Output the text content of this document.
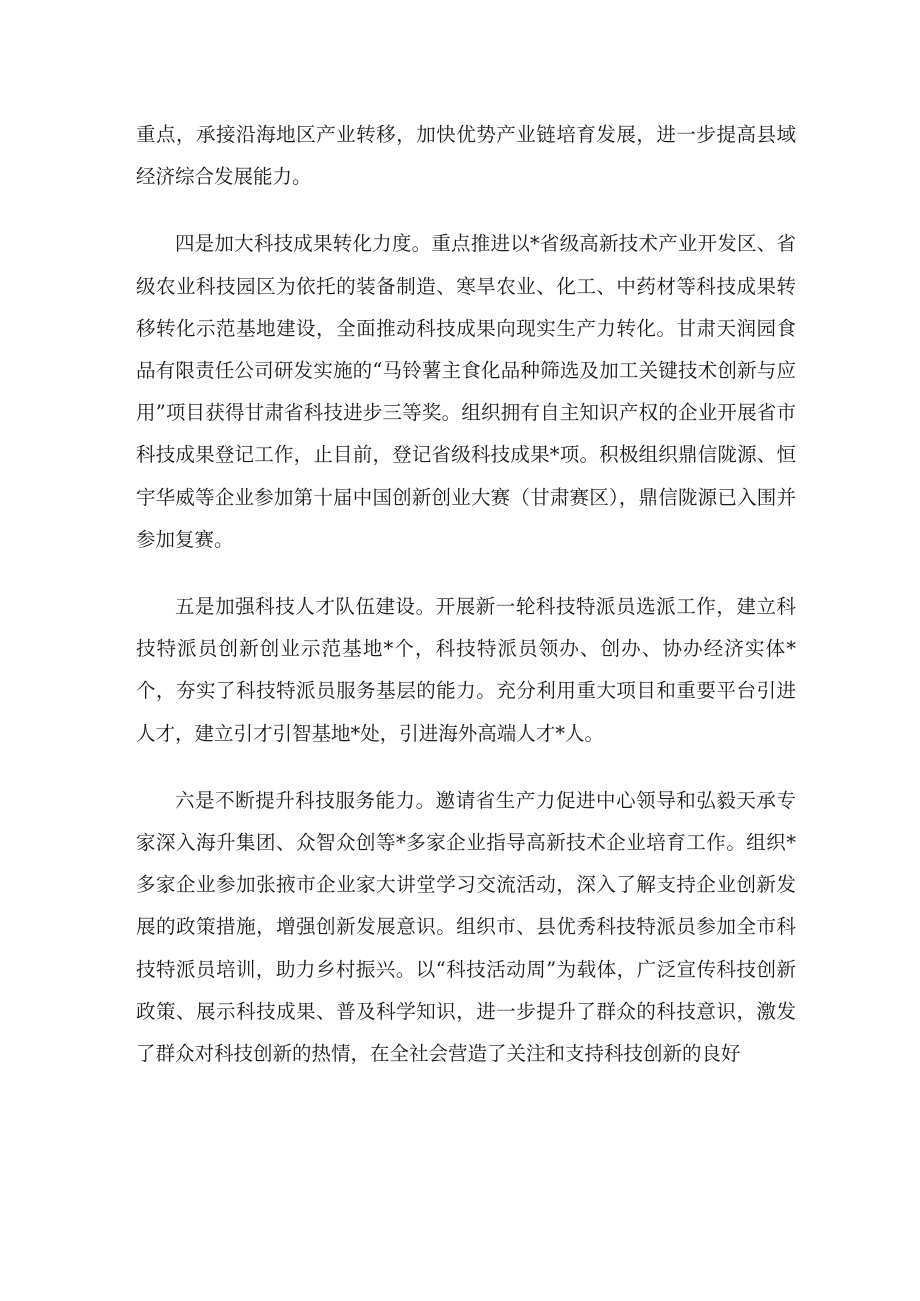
重点，承接沿海地区产业转移，加快优势产业链培育发展，进一步提高县域经济综合发展能力。

四是加大科技成果转化力度。重点推进以*省级高新技术产业开发区、省级农业科技园区为依托的装备制造、寒旱农业、化工、中药材等科技成果转移转化示范基地建设，全面推动科技成果向现实生产力转化。甘肃天润园食品有限责任公司研发实施的“马铃薯主食化品种筛选及加工关键技术创新与应用”项目获得甘肃省科技进步三等奖。组织拥有自主知识产权的企业开展省市科技成果登记工作，止目前，登记省级科技成果*项。积极组织鼎信陇源、恒宇华威等企业参加第十届中国创新创业大赛（甘肃赛区），鼎信陇源已入围并参加复赛。

五是加强科技人才队伍建设。开展新一轮科技特派员选派工作，建立科技特派员创新创业示范基地*个，科技特派员领办、创办、协办经济实体*个，夯实了科技特派员服务基层的能力。充分利用重大项目和重要平台引进人才，建立引才引智基地*处，引进海外高端人才*人。

六是不断提升科技服务能力。邀请省生产力促进中心领导和弘毅天承专家深入海升集团、众智众创等*多家企业指导高新技术企业培育工作。组织*多家企业参加张掖市企业家大讲堂学习交流活动，深入了解支持企业创新发展的政策措施，增强创新发展意识。组织市、县优秀科技特派员参加全市科技特派员培训，助力乡村振兴。以“科技活动周”为载体，广泛宣传科技创新政策、展示科技成果、普及科学知识，进一步提升了群众的科技意识，激发了群众对科技创新的热情，在全社会营造了关注和支持科技创新的良好
